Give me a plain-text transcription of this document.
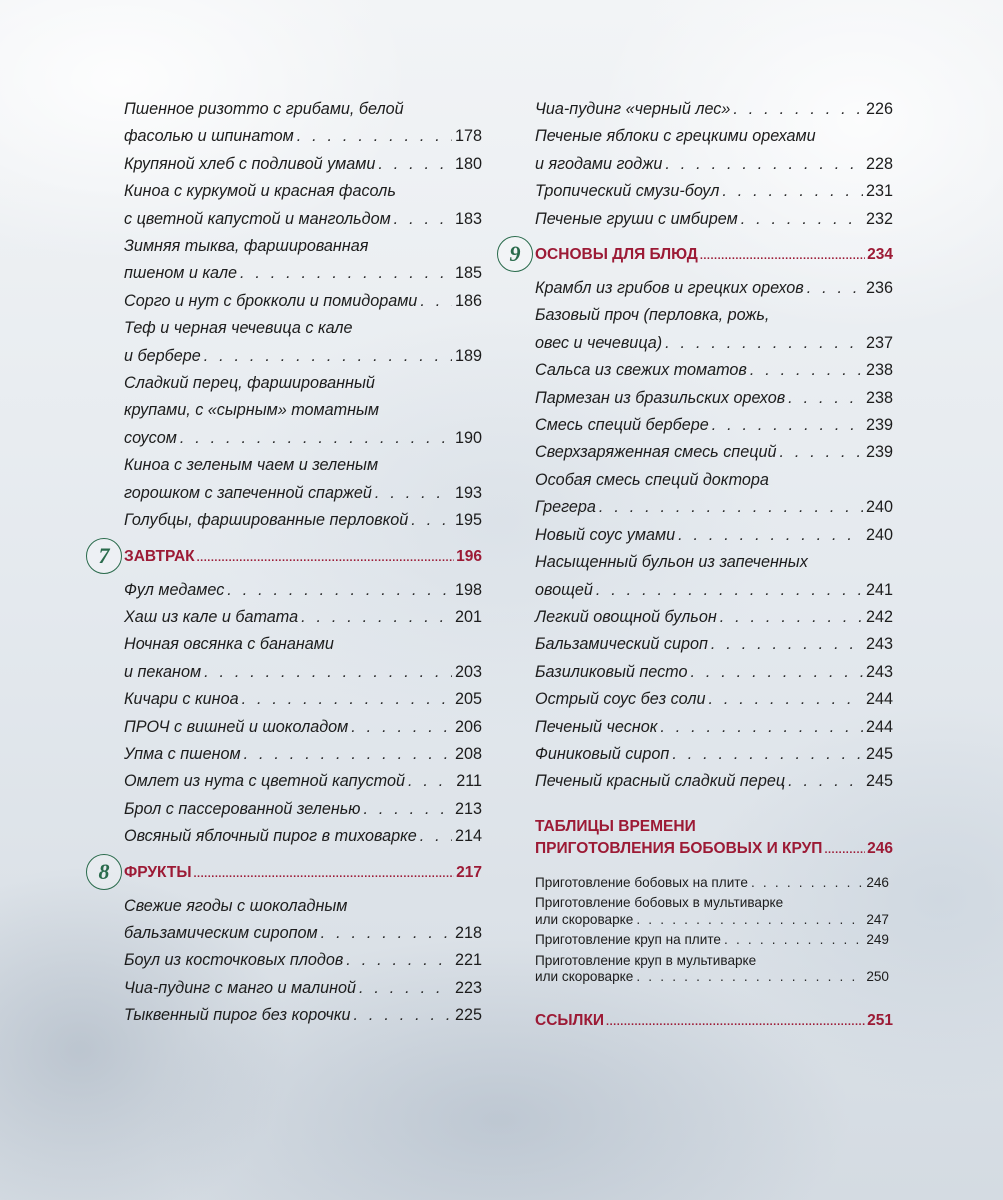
Пшенное ризотто с грибами, белой
фасолью и шпинатом . . .	178
Крупяной хлеб с подливой умами . . .	180
Киноа с куркумой и красная фасоль
с цветной капустой и мангольдом . . .	183
Зимняя тыква, фаршированная
пшеном и кале . . .	185
Сорго и нут с брокколи и помидорами . . . 186
Теф и черная чечевица с кале
и бербере . . .	189
Сладкий перец, фаршированный
крупами, с «сырным» томатным
соусом . . .	190
Киноа с зеленым чаем и зеленым
горошком с запеченной спаржей . . .	193
Голубцы, фаршированные перловкой . . .	195
7 ЗАВТРАК .....	196
Фул медамес . . .	198
Хаш из кале и батата . . .	201
Ночная овсянка с бананами
и пеканом . . .	203
Кичари с киноа . . .	205
ПРОЧ с вишней и шоколадом . . .	206
Упма с пшеном . . .	208
Омлет из нута с цветной капустой . . .	211
Брол с пассерованной зеленью . . .	213
Овсяный яблочный пирог в тиховарке . . . 214
8 ФРУКТЫ .....	217
Свежие ягоды с шоколадным
бальзамическим сиропом . . .	218
Боул из косточковых плодов . . .	221
Чиа-пудинг с манго и малиной . . .	223
Тыквенный пирог без корочки . . .	225
Чиа-пудинг «черный лес» . . .	226
Печеные яблоки с грецкими орехами
и ягодами годжи . . .	228
Тропический смузи-боул . . .	231
Печеные груши с имбирем . . .	232
9 ОСНОВЫ ДЛЯ БЛЮД .....	234
Крамбл из грибов и грецких орехов . . .	236
Базовый проч (перловка, рожь,
овес и чечевица) . . .	237
Сальса из свежих томатов . . .	238
Пармезан из бразильских орехов . . .	238
Смесь специй бербере . . .	239
Сверхзаряженная смесь специй . . .	239
Особая смесь специй доктора
Грегера . . .	240
Новый соус умами . . .	240
Насыщенный бульон из запеченных
овощей . . .	241
Легкий овощной бульон . . .	242
Бальзамический сироп . . .	243
Базиликовый песто . . .	243
Острый соус без соли . . .	244
Печеный чеснок . . .	244
Финиковый сироп . . .	245
Печеный красный сладкий перец . . .	245
ТАБЛИЦЫ ВРЕМЕНИ
ПРИГОТОВЛЕНИЯ БОБОВЫХ И КРУП .....	246
Приготовление бобовых на плите . . .	246
Приготовление бобовых в мультиварке
или скороварке . . .	247
Приготовление круп на плите . . .	249
Приготовление круп в мультиварке
или скороварке . . .	250
ССЫЛКИ .....	251
